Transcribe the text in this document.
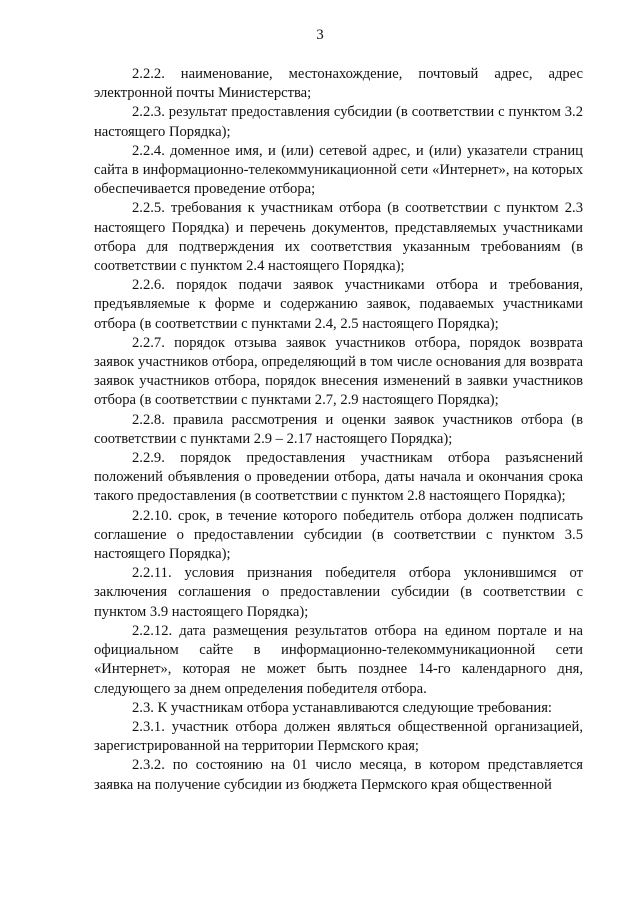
3

2.2.2. наименование, местонахождение, почтовый адрес, адрес электронной почты Министерства;

2.2.3. результат предоставления субсидии (в соответствии с пунктом 3.2 настоящего Порядка);

2.2.4. доменное имя, и (или) сетевой адрес, и (или) указатели страниц сайта в информационно-телекоммуникационной сети «Интернет», на которых обеспечивается проведение отбора;

2.2.5. требования к участникам отбора (в соответствии с пунктом 2.3 настоящего Порядка) и перечень документов, представляемых участниками отбора для подтверждения их соответствия указанным требованиям (в соответствии с пунктом 2.4 настоящего Порядка);

2.2.6. порядок подачи заявок участниками отбора и требования, предъявляемые к форме и содержанию заявок, подаваемых участниками отбора (в соответствии с пунктами 2.4, 2.5 настоящего Порядка);

2.2.7. порядок отзыва заявок участников отбора, порядок возврата заявок участников отбора, определяющий в том числе основания для возврата заявок участников отбора, порядок внесения изменений в заявки участников отбора (в соответствии с пунктами 2.7, 2.9 настоящего Порядка);

2.2.8. правила рассмотрения и оценки заявок участников отбора (в соответствии с пунктами 2.9 – 2.17 настоящего Порядка);

2.2.9. порядок предоставления участникам отбора разъяснений положений объявления о проведении отбора, даты начала и окончания срока такого предоставления (в соответствии с пунктом 2.8 настоящего Порядка);

2.2.10. срок, в течение которого победитель отбора должен подписать соглашение о предоставлении субсидии (в соответствии с пунктом 3.5 настоящего Порядка);

2.2.11. условия признания победителя отбора уклонившимся от заключения соглашения о предоставлении субсидии (в соответствии с пунктом 3.9 настоящего Порядка);

2.2.12. дата размещения результатов отбора на едином портале и на официальном сайте в информационно-телекоммуникационной сети «Интернет», которая не может быть позднее 14-го календарного дня, следующего за днем определения победителя отбора.

2.3. К участникам отбора устанавливаются следующие требования:

2.3.1. участник отбора должен являться общественной организацией, зарегистрированной на территории Пермского края;

2.3.2. по состоянию на 01 число месяца, в котором представляется заявка на получение субсидии из бюджета Пермского края общественной
